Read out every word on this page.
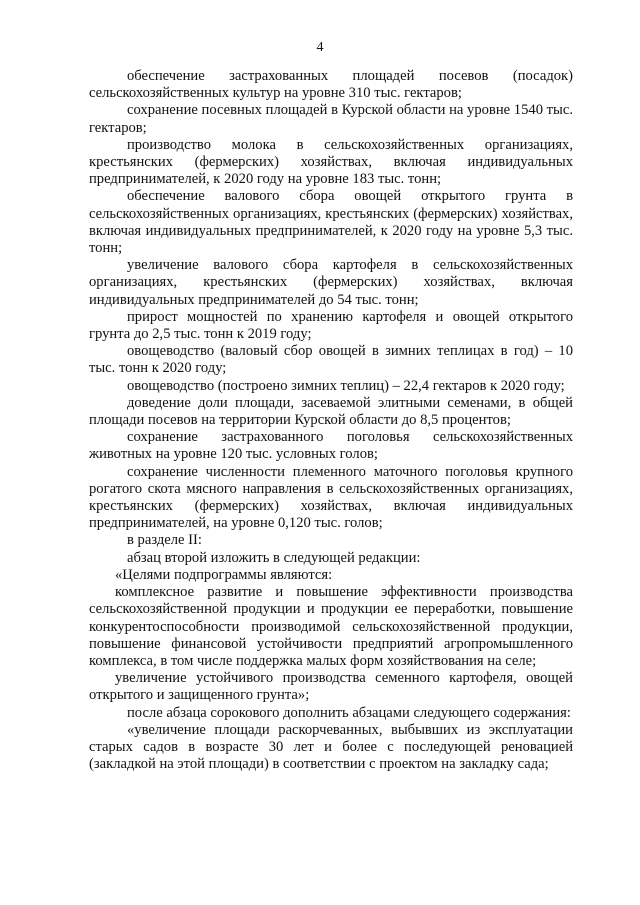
4

обеспечение застрахованных площадей посевов (посадок) сельскохозяйственных культур на уровне 310 тыс. гектаров;

сохранение посевных площадей в Курской области на уровне 1540 тыс. гектаров;

производство молока в сельскохозяйственных организациях, крестьянских (фермерских) хозяйствах, включая индивидуальных предпринимателей, к 2020 году на уровне 183 тыс. тонн;

обеспечение валового сбора овощей открытого грунта в сельскохозяйственных организациях, крестьянских (фермерских) хозяйствах, включая индивидуальных предпринимателей, к 2020 году на уровне 5,3 тыс. тонн;

увеличение валового сбора картофеля в сельскохозяйственных организациях, крестьянских (фермерских) хозяйствах, включая индивидуальных предпринимателей до 54 тыс. тонн;

прирост мощностей по хранению картофеля и овощей открытого грунта до 2,5 тыс. тонн к 2019 году;

овощеводство (валовый сбор овощей в зимних теплицах в год) – 10 тыс. тонн к 2020 году;

овощеводство (построено зимних теплиц) – 22,4 гектаров к 2020 году;

доведение доли площади, засеваемой элитными семенами, в общей площади посевов на территории Курской области до 8,5 процентов;

сохранение застрахованного поголовья сельскохозяйственных животных на уровне 120 тыс. условных голов;

сохранение численности племенного маточного поголовья крупного рогатого скота мясного направления в сельскохозяйственных организациях, крестьянских (фермерских) хозяйствах, включая индивидуальных предпринимателей, на уровне 0,120 тыс. голов;

в разделе II:

абзац второй изложить в следующей редакции:

«Целями подпрограммы являются:

комплексное развитие и повышение эффективности производства сельскохозяйственной продукции и продукции ее переработки, повышение конкурентоспособности производимой сельскохозяйственной продукции, повышение финансовой устойчивости предприятий агропромышленного комплекса, в том числе поддержка малых форм хозяйствования на селе;

увеличение устойчивого производства семенного картофеля, овощей открытого и защищенного грунта»;

после абзаца сорокового дополнить абзацами следующего содержания:

«увеличение площади раскорчеванных, выбывших из эксплуатации старых садов в возрасте 30 лет и более с последующей реновацией (закладкой на этой площади) в соответствии с проектом на закладку сада;
